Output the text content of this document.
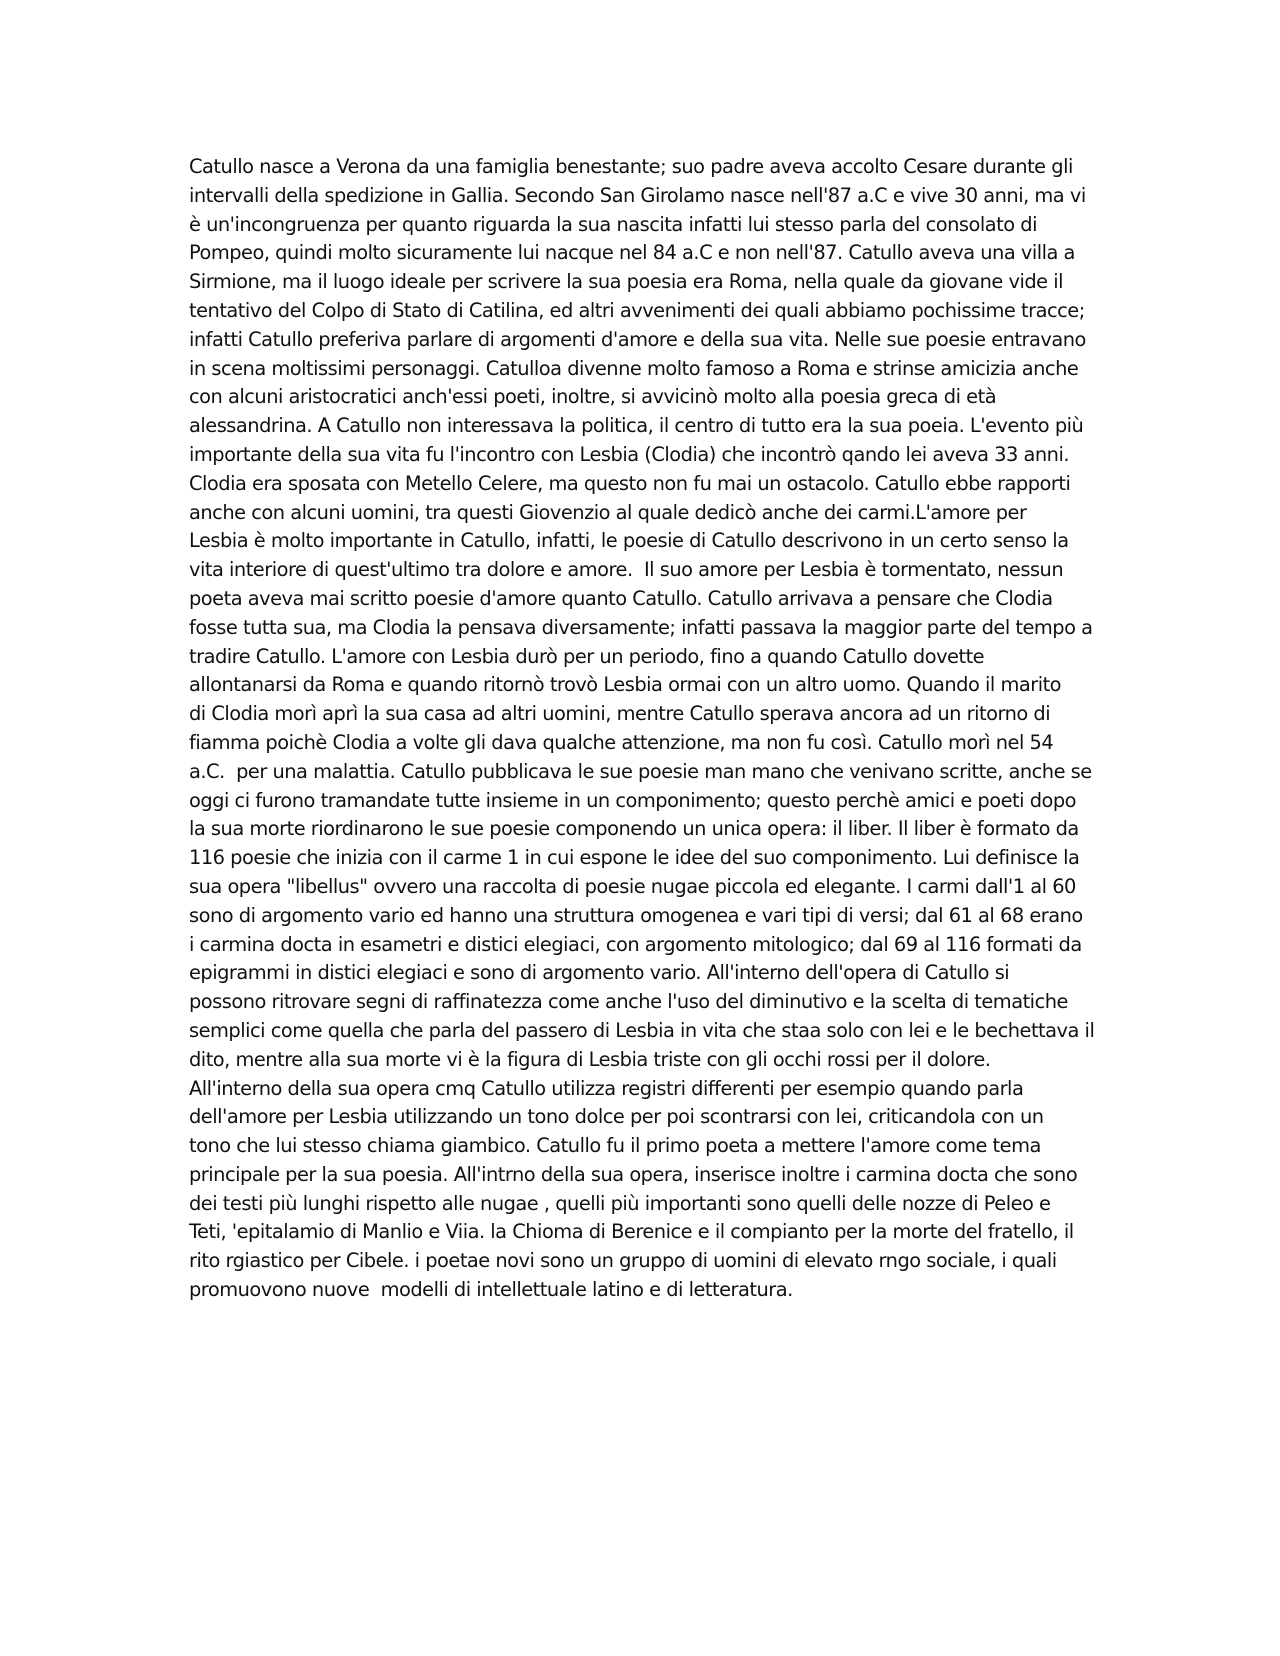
Catullo nasce a Verona da una famiglia benestante; suo padre aveva accolto Cesare durante gli
intervalli della spedizione in Gallia. Secondo San Girolamo nasce nell'87 a.C e vive 30 anni, ma vi
è un'incongruenza per quanto riguarda la sua nascita infatti lui stesso parla del consolato di
Pompeo, quindi molto sicuramente lui nacque nel 84 a.C e non nell'87. Catullo aveva una villa a
Sirmione, ma il luogo ideale per scrivere la sua poesia era Roma, nella quale da giovane vide il
tentativo del Colpo di Stato di Catilina, ed altri avvenimenti dei quali abbiamo pochissime tracce;
infatti Catullo preferiva parlare di argomenti d'amore e della sua vita. Nelle sue poesie entravano
in scena moltissimi personaggi. Catulloa divenne molto famoso a Roma e strinse amicizia anche
con alcuni aristocratici anch'essi poeti, inoltre, si avvicinò molto alla poesia greca di età
alessandrina. A Catullo non interessava la politica, il centro di tutto era la sua poeia. L'evento più
importante della sua vita fu l'incontro con Lesbia (Clodia) che incontrò qando lei aveva 33 anni.
Clodia era sposata con Metello Celere, ma questo non fu mai un ostacolo. Catullo ebbe rapporti
anche con alcuni uomini, tra questi Giovenzio al quale dedicò anche dei carmi.L'amore per
Lesbia è molto importante in Catullo, infatti, le poesie di Catullo descrivono in un certo senso la
vita interiore di quest'ultimo tra dolore e amore.  Il suo amore per Lesbia è tormentato, nessun
poeta aveva mai scritto poesie d'amore quanto Catullo. Catullo arrivava a pensare che Clodia
fosse tutta sua, ma Clodia la pensava diversamente; infatti passava la maggior parte del tempo a
tradire Catullo. L'amore con Lesbia durò per un periodo, fino a quando Catullo dovette
allontanarsi da Roma e quando ritornò trovò Lesbia ormai con un altro uomo. Quando il marito
di Clodia morì aprì la sua casa ad altri uomini, mentre Catullo sperava ancora ad un ritorno di
fiamma poichè Clodia a volte gli dava qualche attenzione, ma non fu così. Catullo morì nel 54
a.C.  per una malattia. Catullo pubblicava le sue poesie man mano che venivano scritte, anche se
oggi ci furono tramandate tutte insieme in un componimento; questo perchè amici e poeti dopo
la sua morte riordinarono le sue poesie componendo un unica opera: il liber. Il liber è formato da
116 poesie che inizia con il carme 1 in cui espone le idee del suo componimento. Lui definisce la
sua opera "libellus" ovvero una raccolta di poesie nugae piccola ed elegante. I carmi dall'1 al 60
sono di argomento vario ed hanno una struttura omogenea e vari tipi di versi; dal 61 al 68 erano
i carmina docta in esametri e distici elegiaci, con argomento mitologico; dal 69 al 116 formati da
epigrammi in distici elegiaci e sono di argomento vario. All'interno dell'opera di Catullo si
possono ritrovare segni di raffinatezza come anche l'uso del diminutivo e la scelta di tematiche
semplici come quella che parla del passero di Lesbia in vita che staa solo con lei e le bechettava il
dito, mentre alla sua morte vi è la figura di Lesbia triste con gli occhi rossi per il dolore.
All'interno della sua opera cmq Catullo utilizza registri differenti per esempio quando parla
dell'amore per Lesbia utilizzando un tono dolce per poi scontrarsi con lei, criticandola con un
tono che lui stesso chiama giambico. Catullo fu il primo poeta a mettere l'amore come tema
principale per la sua poesia. All'intrno della sua opera, inserisce inoltre i carmina docta che sono
dei testi più lunghi rispetto alle nugae , quelli più importanti sono quelli delle nozze di Peleo e
Teti, 'epitalamio di Manlio e Viia. la Chioma di Berenice e il compianto per la morte del fratello, il
rito rgiastico per Cibele. i poetae novi sono un gruppo di uomini di elevato rngo sociale, i quali
promuovono nuove  modelli di intellettuale latino e di letteratura.
